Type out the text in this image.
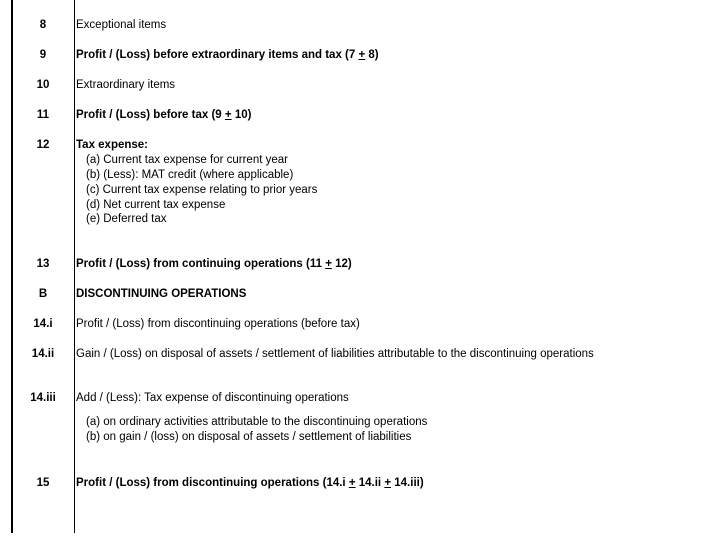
8	Exceptional items
9	Profit / (Loss) before extraordinary items and tax (7 + 8)
10	Extraordinary items
11	Profit / (Loss) before tax (9 + 10)
12	Tax expense:
(a) Current tax expense for current year
(b) (Less): MAT credit (where applicable)
(c) Current tax expense relating to prior years
(d) Net current tax expense
(e) Deferred tax
13	Profit / (Loss) from continuing operations (11 + 12)
B	DISCONTINUING OPERATIONS
14.i	Profit / (Loss) from discontinuing operations (before tax)
14.ii	Gain / (Loss) on disposal of assets / settlement of liabilities attributable to the discontinuing operations
14.iii	Add / (Less): Tax expense of discontinuing operations
(a) on ordinary activities attributable to the discontinuing operations
(b) on gain / (loss) on disposal of assets / settlement of liabilities
15	Profit / (Loss) from discontinuing operations (14.i + 14.ii + 14.iii)
